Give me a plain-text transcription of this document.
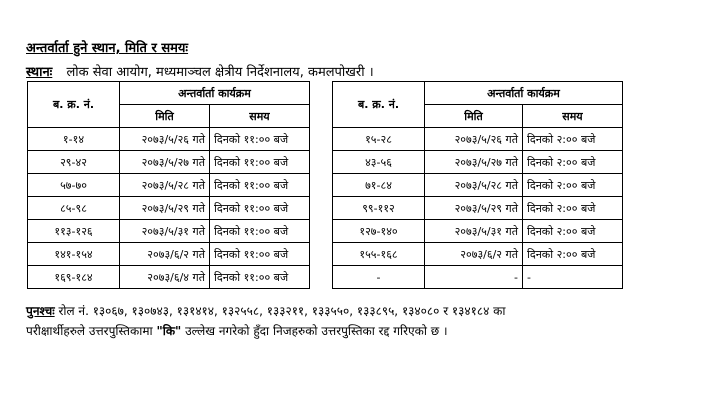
अन्तर्वार्ता हुने स्थान, मिति र समयः
स्थानः लोक सेवा आयोग, मध्यमाञ्चल क्षेत्रीय निर्देशनालय, कमलपोखरी ।
ब. क्र. नं.	अन्तर्वार्ता कार्यक्रम	
	मिति	समय
१-१४	२०७३/५/२६ गते	दिनको ११:०० बजे
२९-४२	२०७३/५/२७ गते	दिनको ११:०० बजे
५७-७०	२०७३/५/२८ गते	दिनको ११:०० बजे
८५-९८	२०७३/५/२९ गते	दिनको ११:०० बजे
११३-१२६	२०७३/५/३१ गते	दिनको ११:०० बजे
१४१-१५४	२०७३/६/२ गते	दिनको ११:०० बजे
१६९-१८४	२०७३/६/४ गते	दिनको ११:०० बजे
ब. क्र. नं.	अन्तर्वार्ता कार्यक्रम	
	मिति	समय
१५-२८	२०७३/५/२६ गते	दिनको २:०० बजे
४३-५६	२०७३/५/२७ गते	दिनको २:०० बजे
७१-८४	२०७३/५/२८ गते	दिनको २:०० बजे
९९-११२	२०७३/५/२९ गते	दिनको २:०० बजे
१२७-१४०	२०७३/५/३१ गते	दिनको २:०० बजे
१५५-१६८	२०७३/६/२ गते	दिनको २:०० बजे
-	-	-
पुनश्चः रोल नं. १३०६७, १३०७४३, १३१४१४, १३२५५८, १३३२११, १३३५५०, १३३८९५, १३४०८० र १३४१८४ का
परीक्षार्थीहरुले उत्तरपुस्तिकामा "कि" उल्लेख नगरेको हुँदा निजहरुको उत्तरपुस्तिका रद्द गरिएको छ ।
